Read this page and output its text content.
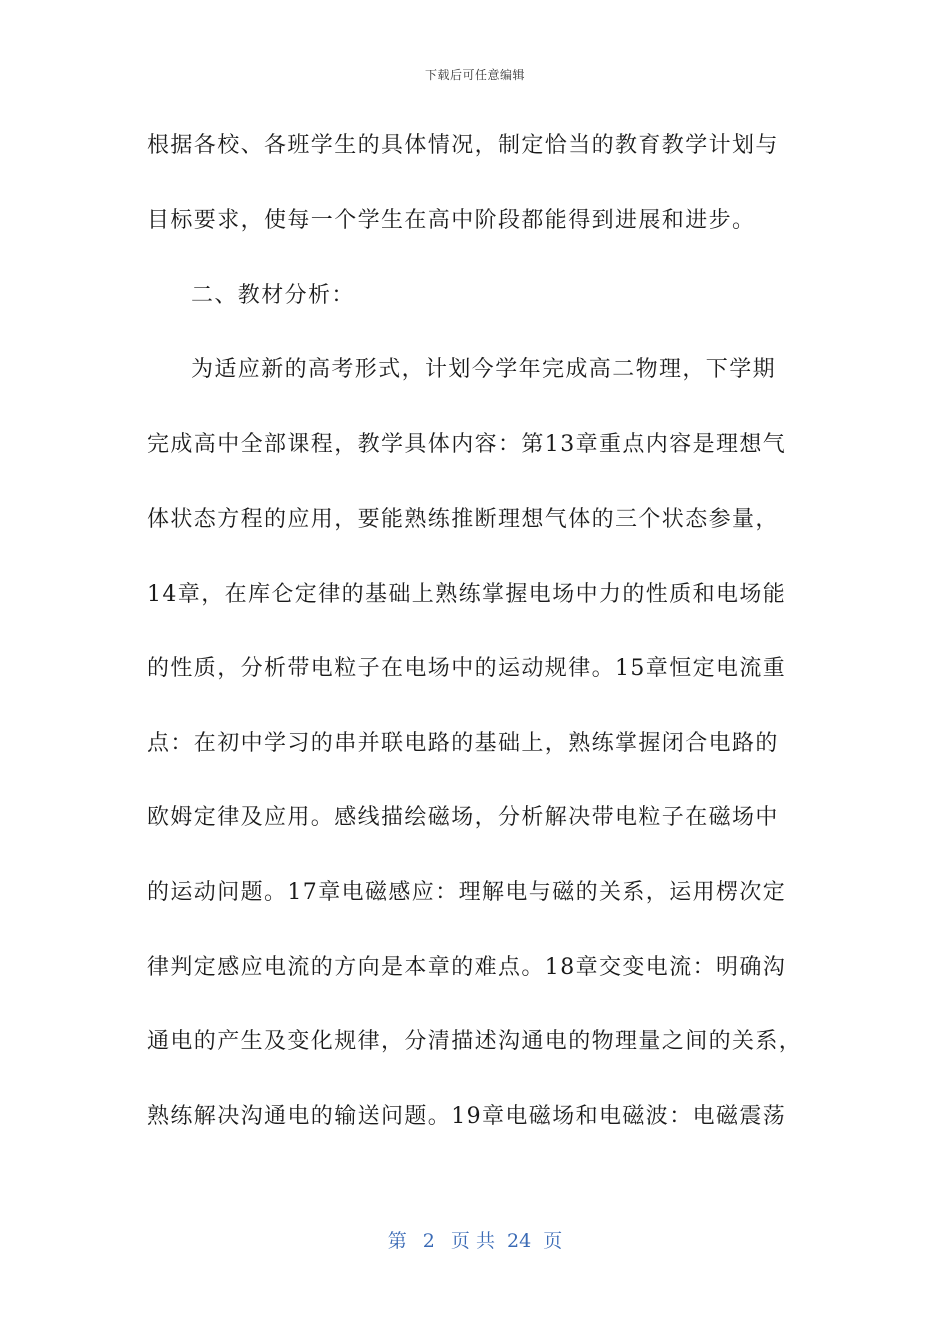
下载后可任意编辑
根据各校、各班学生的具体情况，制定恰当的教育教学计划与
目标要求，使每一个学生在高中阶段都能得到进展和进步。
二、教材分析：
为适应新的高考形式，计划今学年完成高二物理，下学期
完成高中全部课程，教学具体内容：第13章重点内容是理想气
体状态方程的应用，要能熟练推断理想气体的三个状态参量，
14章，在库仑定律的基础上熟练掌握电场中力的性质和电场能
的性质，分析带电粒子在电场中的运动规律。15章恒定电流重
点：在初中学习的串并联电路的基础上，熟练掌握闭合电路的
欧姆定律及应用。感线描绘磁场，分析解决带电粒子在磁场中
的运动问题。17章电磁感应：理解电与磁的关系，运用楞次定
律判定感应电流的方向是本章的难点。18章交变电流：明确沟
通电的产生及变化规律，分清描述沟通电的物理量之间的关系，
熟练解决沟通电的输送问题。19章电磁场和电磁波：电磁震荡
第 2 页 共 24 页
